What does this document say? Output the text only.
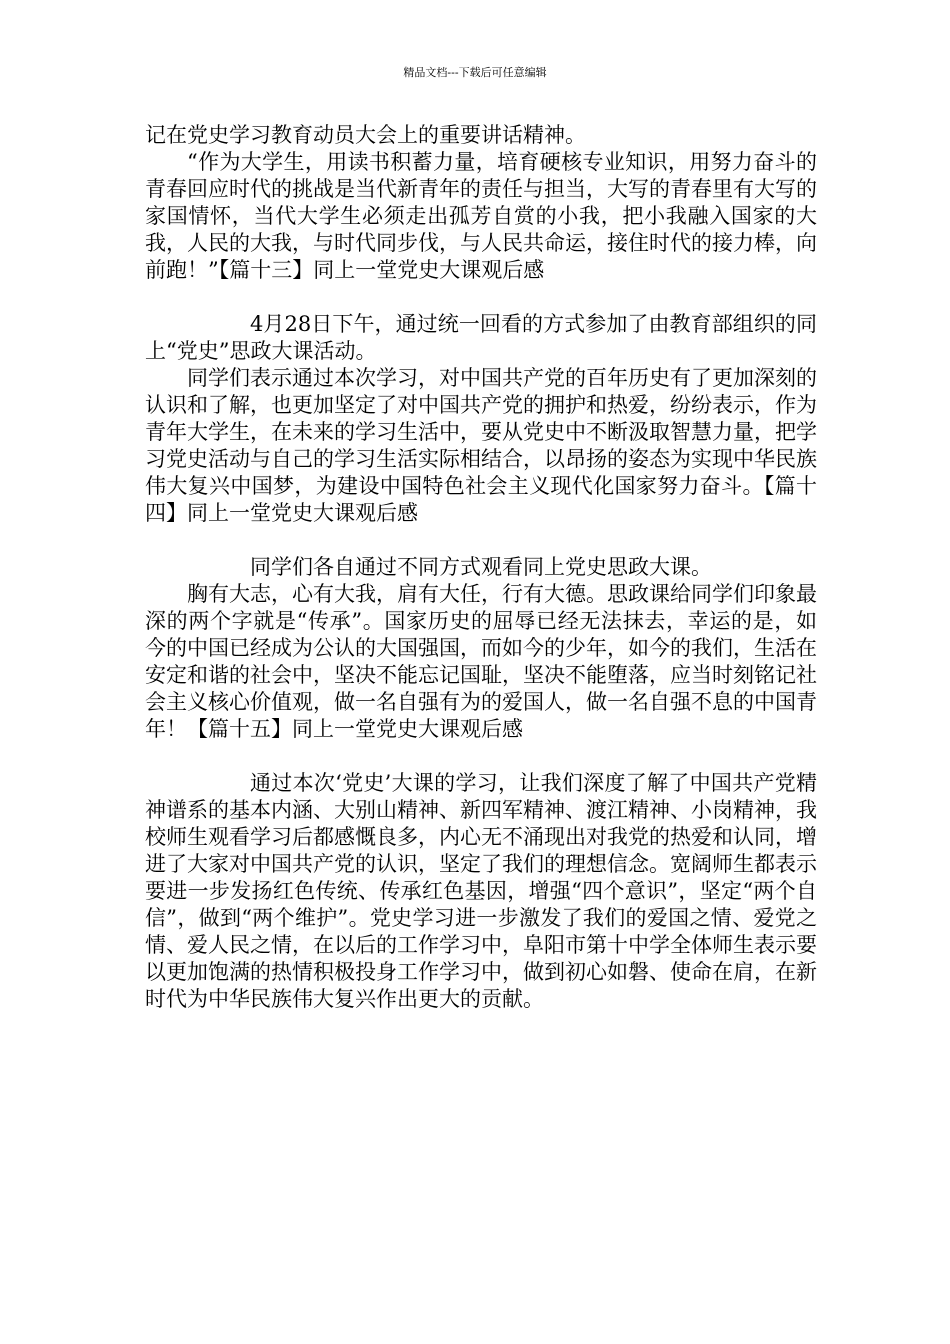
精品文档---下载后可任意编辑

记在党史学习教育动员大会上的重要讲话精神。

“作为大学生，用读书积蓄力量，培育硬核专业知识，用努力奋斗的青春回应时代的挑战是当代新青年的责任与担当，大写的青春里有大写的家国情怀，当代大学生必须走出孤芳自赏的小我，把小我融入国家的大我，人民的大我，与时代同步伐，与人民共命运，接住时代的接力棒，向前跑！”【篇十三】同上一堂党史大课观后感

4月28日下午，通过统一回看的方式参加了由教育部组织的同上“党史”思政大课活动。

同学们表示通过本次学习，对中国共产党的百年历史有了更加深刻的认识和了解，也更加坚定了对中国共产党的拥护和热爱，纷纷表示，作为青年大学生，在未来的学习生活中，要从党史中不断汲取智慧力量，把学习党史活动与自己的学习生活实际相结合，以昂扬的姿态为实现中华民族伟大复兴中国梦，为建设中国特色社会主义现代化国家努力奋斗。【篇十四】同上一堂党史大课观后感

同学们各自通过不同方式观看同上党史思政大课。

胸有大志，心有大我，肩有大任，行有大德。思政课给同学们印象最深的两个字就是“传承”。国家历史的屈辱已经无法抹去，幸运的是，如今的中国已经成为公认的大国强国，而如今的少年，如今的我们，生活在安定和谐的社会中，坚决不能忘记国耻，坚决不能堕落，应当时刻铭记社会主义核心价值观，做一名自强有为的爱国人，做一名自强不息的中国青年！【篇十五】同上一堂党史大课观后感

通过本次‘党史’大课的学习，让我们深度了解了中国共产党精神谱系的基本内涵、大别山精神、新四军精神、渡江精神、小岗精神，我校师生观看学习后都感慨良多，内心无不涌现出对我党的热爱和认同，增进了大家对中国共产党的认识，坚定了我们的理想信念。宽阔师生都表示要进一步发扬红色传统、传承红色基因，增强“四个意识”，坚定“两个自信”，做到“两个维护”。党史学习进一步激发了我们的爱国之情、爱党之情、爱人民之情，在以后的工作学习中，阜阳市第十中学全体师生表示要以更加饱满的热情积极投身工作学习中，做到初心如磐、使命在肩，在新时代为中华民族伟大复兴作出更大的贡献。
